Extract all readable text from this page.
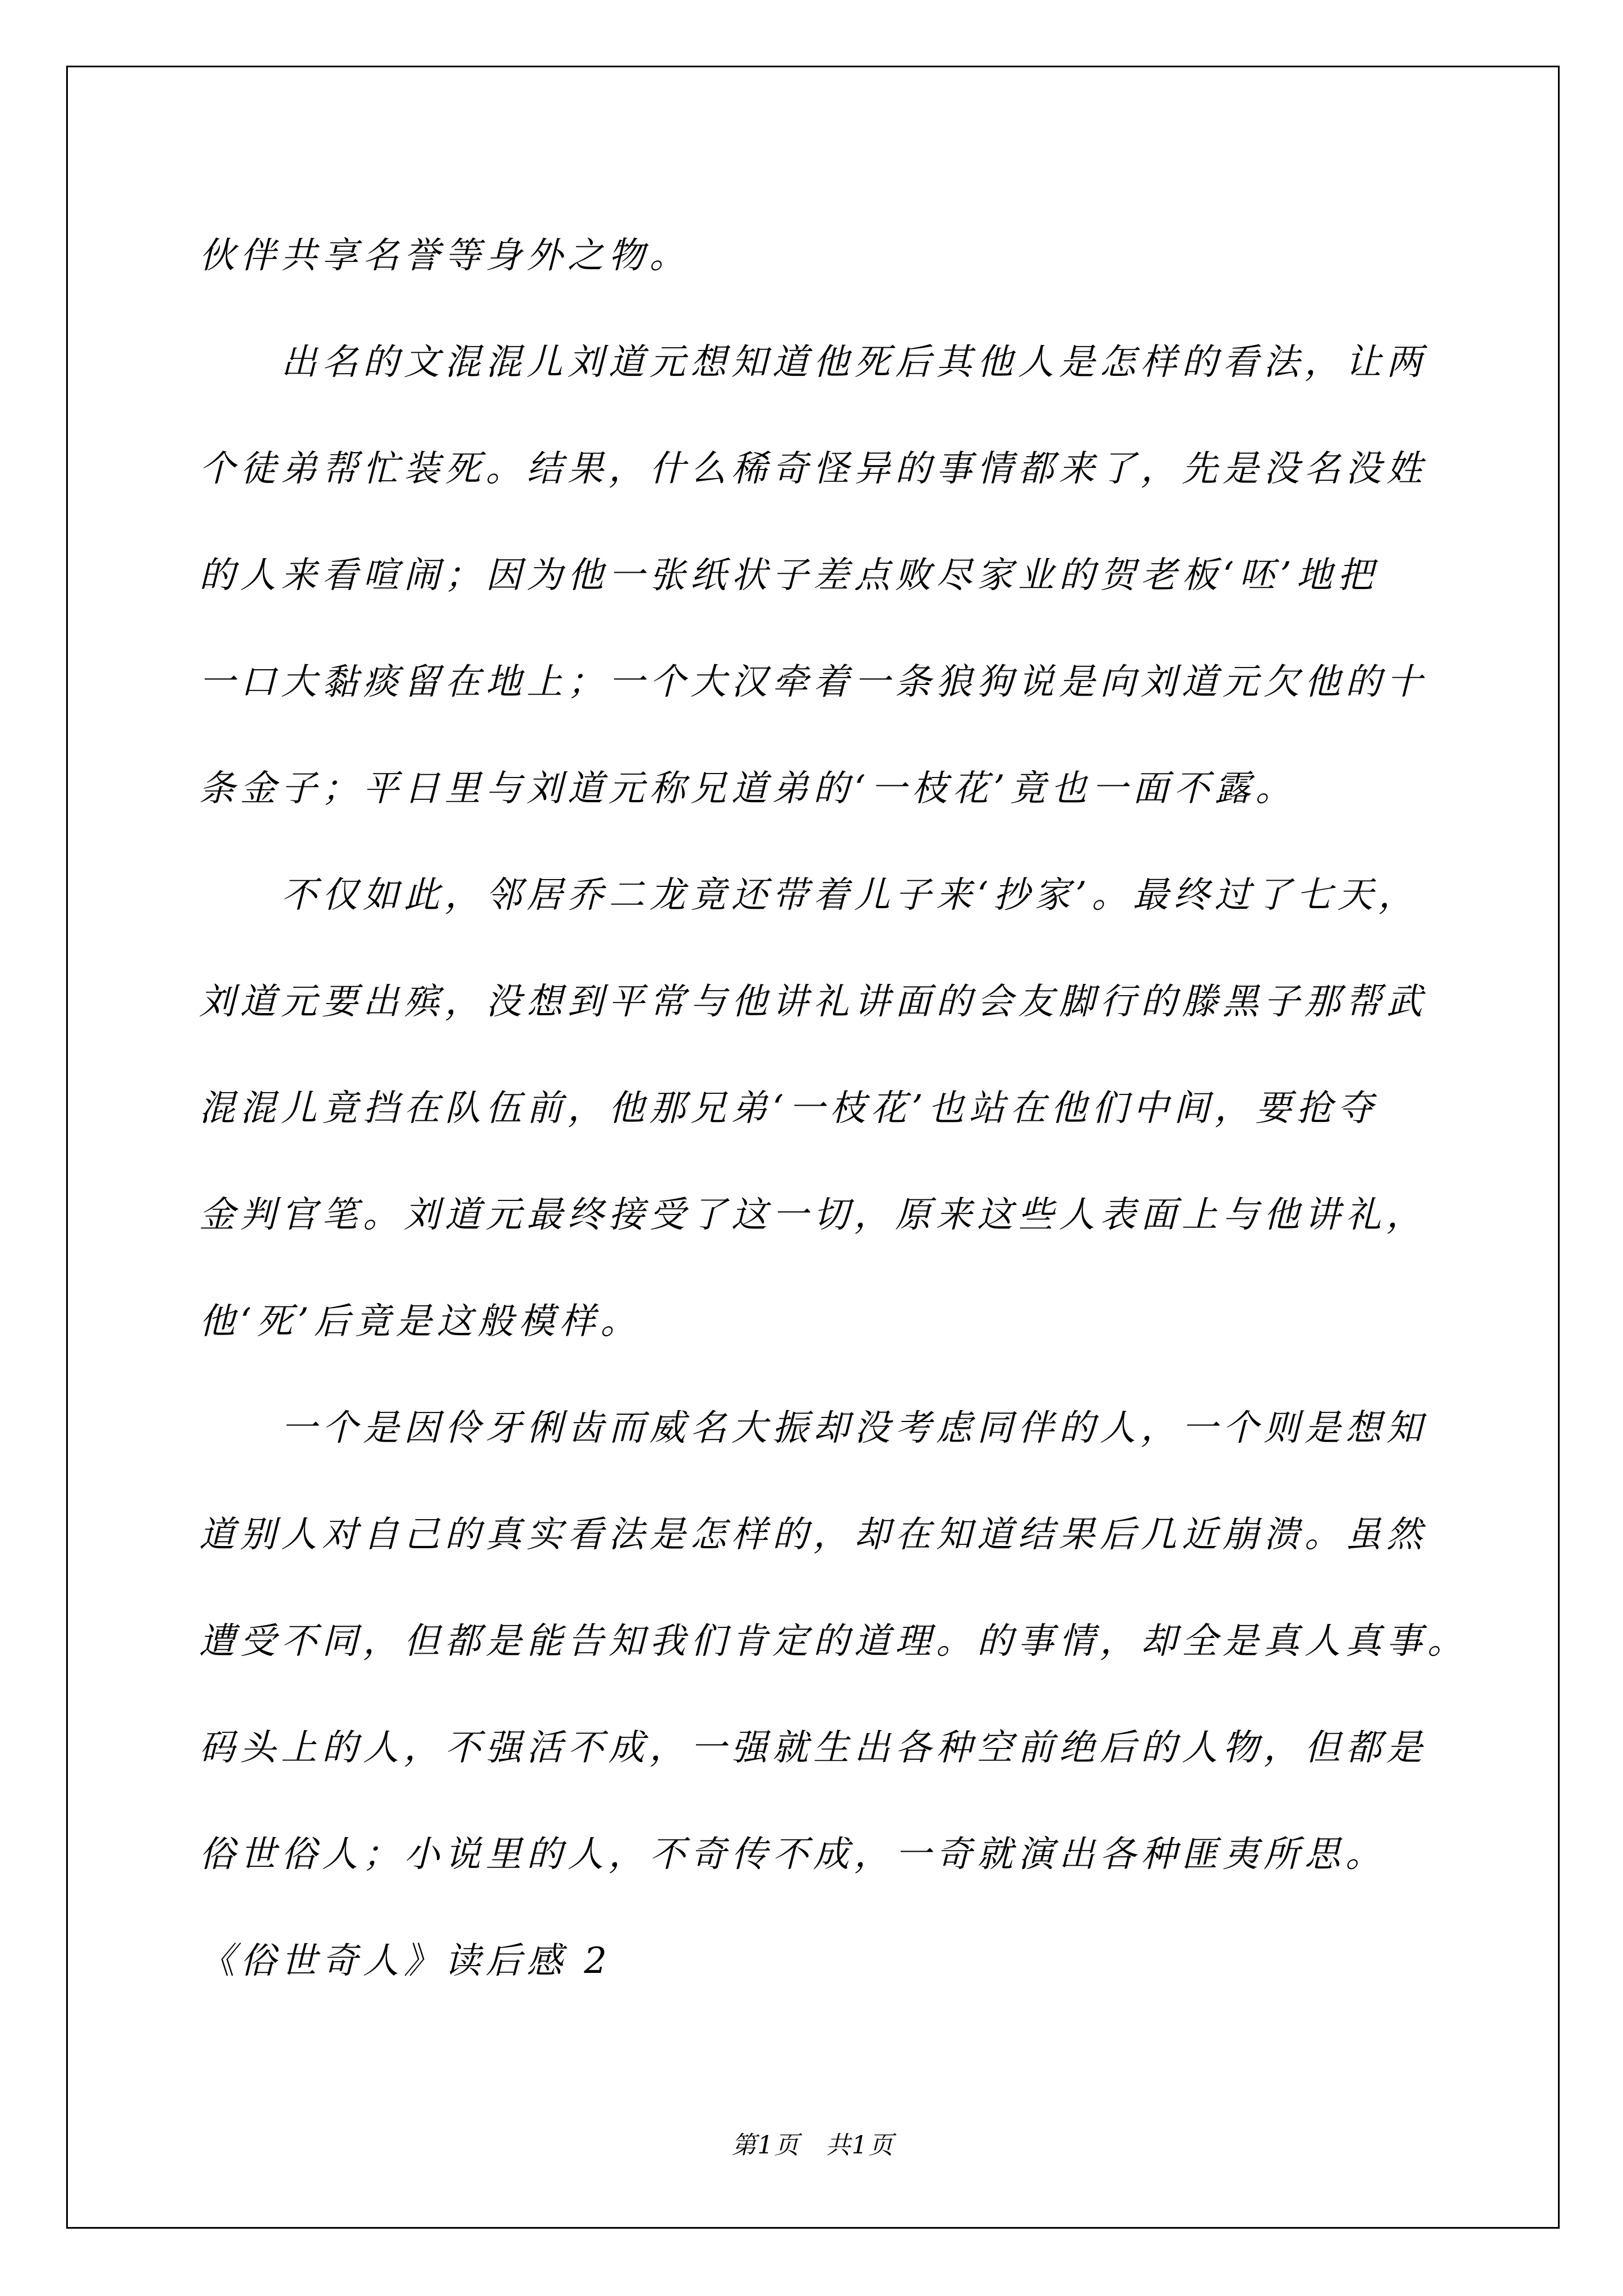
伙伴共享名誉等身外之物。
出名的文混混儿刘道元想知道他死后其他人是怎样的看法，让两
个徒弟帮忙装死。结果，什么稀奇怪异的事情都来了，先是没名没姓
的人来看喧闹；因为他一张纸状子差点败尽家业的贺老板‘呸’地把
一口大黏痰留在地上；一个大汉牵着一条狼狗说是向刘道元欠他的十
条金子；平日里与刘道元称兄道弟的‘一枝花’竟也一面不露。
不仅如此，邻居乔二龙竟还带着儿子来‘抄家’。最终过了七天，
刘道元要出殡，没想到平常与他讲礼讲面的会友脚行的滕黑子那帮武
混混儿竟挡在队伍前，他那兄弟‘一枝花’也站在他们中间，要抢夺
金判官笔。刘道元最终接受了这一切，原来这些人表面上与他讲礼，
他‘死’后竟是这般模样。
一个是因伶牙俐齿而威名大振却没考虑同伴的人，一个则是想知
道别人对自己的真实看法是怎样的，却在知道结果后几近崩溃。虽然
遭受不同，但都是能告知我们肯定的道理。的事情，却全是真人真事。
码头上的人，不强活不成，一强就生出各种空前绝后的人物，但都是
俗世俗人；小说里的人，不奇传不成，一奇就演出各种匪夷所思。
《俗世奇人》读后感 2
第1页　共1页
